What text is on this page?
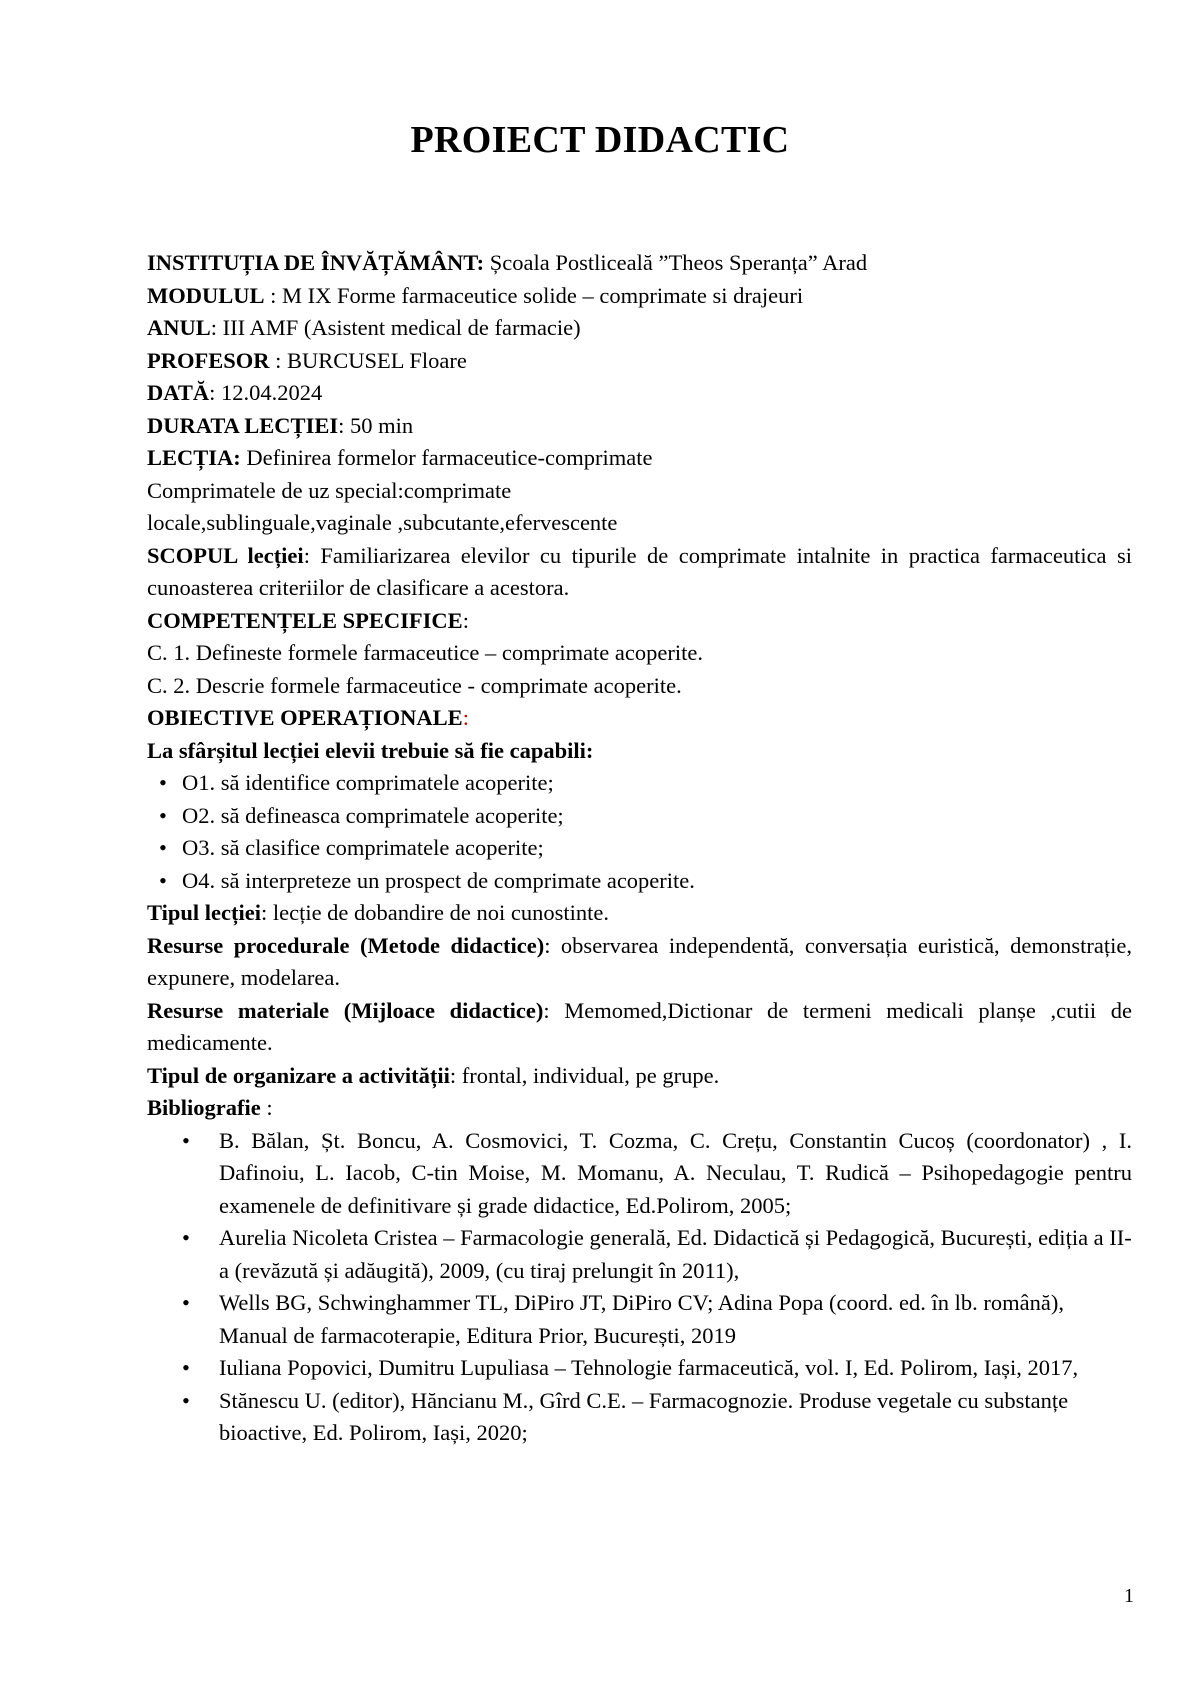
PROIECT DIDACTIC
INSTITUȚIA DE ÎNVĂȚĂMÂNT: Școala Postliceală ”Theos Speranța” Arad
MODULUL : M IX Forme farmaceutice solide – comprimate si drajeuri
ANUL: III AMF (Asistent medical de farmacie)
PROFESOR : BURCUSEL Floare
DATĂ: 12.04.2024
DURATA LECȚIEI: 50 min
LECȚIA: Definirea formelor farmaceutice-comprimate
Comprimatele de uz special:comprimate
locale,sublinguale,vaginale ,subcutante,efervescente
SCOPUL lecției: Familiarizarea elevilor cu tipurile de comprimate intalnite in practica farmaceutica si cunoasterea criteriilor de clasificare a acestora.
COMPETENȚELE SPECIFICE:
C. 1. Defineste formele farmaceutice – comprimate acoperite.
C. 2. Descrie formele farmaceutice - comprimate acoperite.
OBIECTIVE OPERAȚIONALE:
La sfârșitul lecției elevii trebuie să fie capabili:
• O1. să identifice comprimatele acoperite;
• O2. să defineasca comprimatele acoperite;
• O3. să clasifice comprimatele acoperite;
• O4. să interpreteze un prospect de comprimate acoperite.
Tipul lecției: lecție de dobandire de noi cunostinte.
Resurse procedurale (Metode didactice): observarea independentă, conversația euristică, demonstrație, expunere, modelarea.
Resurse materiale (Mijloace didactice): Memomed,Dictionar de termeni medicali planșe ,cutii de medicamente.
Tipul de organizare a activității: frontal, individual, pe grupe.
Bibliografie :
• B. Bălan, Șt. Boncu, A. Cosmovici, T. Cozma, C. Crețu, Constantin Cucoș (coordonator) , I. Dafinoiu, L. Iacob, C-tin Moise, M. Momanu, A. Neculau, T. Rudică – Psihopedagogie pentru examenele de definitivare și grade didactice, Ed.Polirom, 2005;
• Aurelia Nicoleta Cristea – Farmacologie generală, Ed. Didactică și Pedagogică, București, ediția a II-a (revăzută și adăugită), 2009, (cu tiraj prelungit în 2011),
• Wells BG, Schwinghammer TL, DiPiro JT, DiPiro CV; Adina Popa (coord. ed. în lb. română), Manual de farmacoterapie, Editura Prior, București, 2019
• Iuliana Popovici, Dumitru Lupuliasa – Tehnologie farmaceutică, vol. I, Ed. Polirom, Iași, 2017,
• Stănescu U. (editor), Hăncianu M., Gîrd C.E. – Farmacognozie. Produse vegetale cu substanțe bioactive, Ed. Polirom, Iași, 2020;
1
